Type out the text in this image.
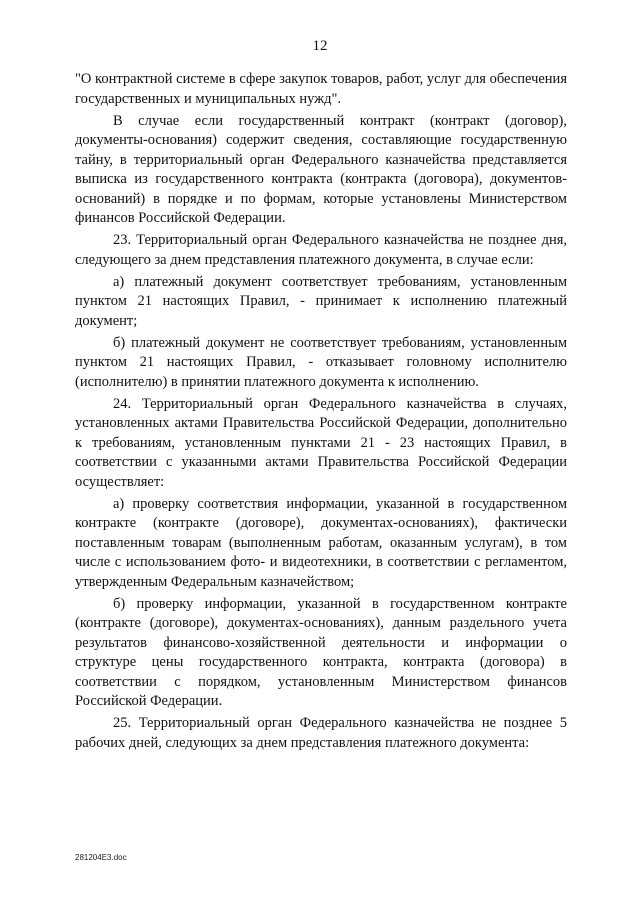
12

"О контрактной системе в сфере закупок товаров, работ, услуг для обеспечения государственных и муниципальных нужд".

В случае если государственный контракт (контракт (договор), документы-основания) содержит сведения, составляющие государственную тайну, в территориальный орган Федерального казначейства представляется выписка из государственного контракта (контракта (договора), документов-оснований) в порядке и по формам, которые установлены Министерством финансов Российской Федерации.

23. Территориальный орган Федерального казначейства не позднее дня, следующего за днем представления платежного документа, в случае если:

а) платежный документ соответствует требованиям, установленным пунктом 21 настоящих Правил, - принимает к исполнению платежный документ;

б) платежный документ не соответствует требованиям, установленным пунктом 21 настоящих Правил, - отказывает головному исполнителю (исполнителю) в принятии платежного документа к исполнению.

24. Территориальный орган Федерального казначейства в случаях, установленных актами Правительства Российской Федерации, дополнительно к требованиям, установленным пунктами 21 - 23 настоящих Правил, в соответствии с указанными актами Правительства Российской Федерации осуществляет:

а) проверку соответствия информации, указанной в государственном контракте (контракте (договоре), документах-основаниях), фактически поставленным товарам (выполненным работам, оказанным услугам), в том числе с использованием фото- и видеотехники, в соответствии с регламентом, утвержденным Федеральным казначейством;

б) проверку информации, указанной в государственном контракте (контракте (договоре), документах-основаниях), данным раздельного учета результатов финансово-хозяйственной деятельности и информации о структуре цены государственного контракта, контракта (договора) в соответствии с порядком, установленным Министерством финансов Российской Федерации.

25. Территориальный орган Федерального казначейства не позднее 5 рабочих дней, следующих за днем представления платежного документа:

281204E3.doc
